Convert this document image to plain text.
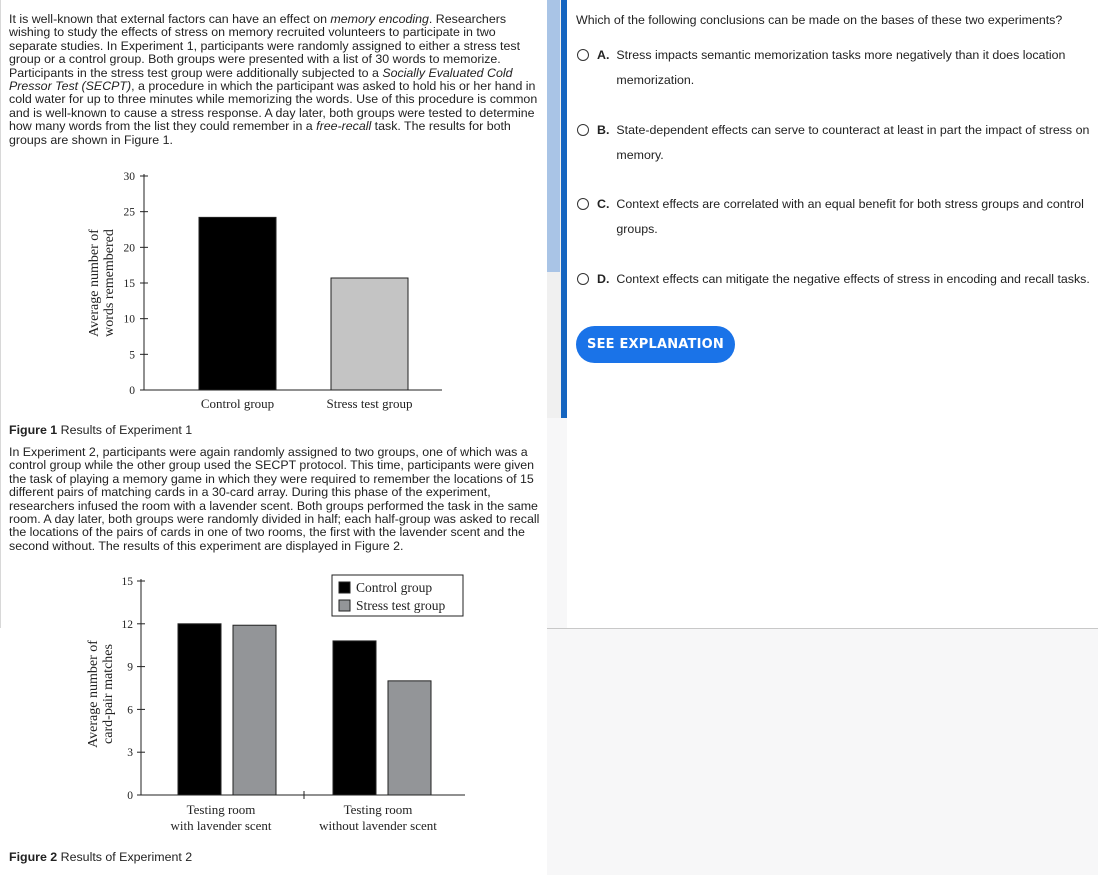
It is well-known that external factors can have an effect on memory encoding. Researchers wishing to study the effects of stress on memory recruited volunteers to participate in two separate studies. In Experiment 1, participants were randomly assigned to either a stress test group or a control group. Both groups were presented with a list of 30 words to memorize. Participants in the stress test group were additionally subjected to a Socially Evaluated Cold Pressor Test (SECPT), a procedure in which the participant was asked to hold his or her hand in cold water for up to three minutes while memorizing the words. Use of this procedure is common and is well-known to cause a stress response. A day later, both groups were tested to determine how many words from the list they could remember in a free-recall task. The results for both groups are shown in Figure 1.

0
5
10
15
20
25
30
Control group	Stress test group
Average number of words remembered
Figure 1 Results of Experiment 1

In Experiment 2, participants were again randomly assigned to two groups, one of which was a control group while the other group used the SECPT protocol. This time, participants were given the task of playing a memory game in which they were required to remember the locations of 15 different pairs of matching cards in a 30-card array. During this phase of the experiment, researchers infused the room with a lavender scent. Both groups performed the task in the same room. A day later, both groups were randomly divided in half; each half-group was asked to recall the locations of the pairs of cards in one of two rooms, the first with the lavender scent and the second without. The results of this experiment are displayed in Figure 2.

0
3
6
9
12
15
Testing room
with lavender scent
Testing room
without lavender scent
Control group
Stress test group
Average number of card-pair matches
Figure 2 Results of Experiment 2
Which of the following conclusions can be made on the bases of these two experiments?
A. Stress impacts semantic memorization tasks more negatively than it does location memorization.
B. State-dependent effects can serve to counteract at least in part the impact of stress on memory.
C. Context effects are correlated with an equal benefit for both stress groups and control groups.
D. Context effects can mitigate the negative effects of stress in encoding and recall tasks.
SEE EXPLANATION
